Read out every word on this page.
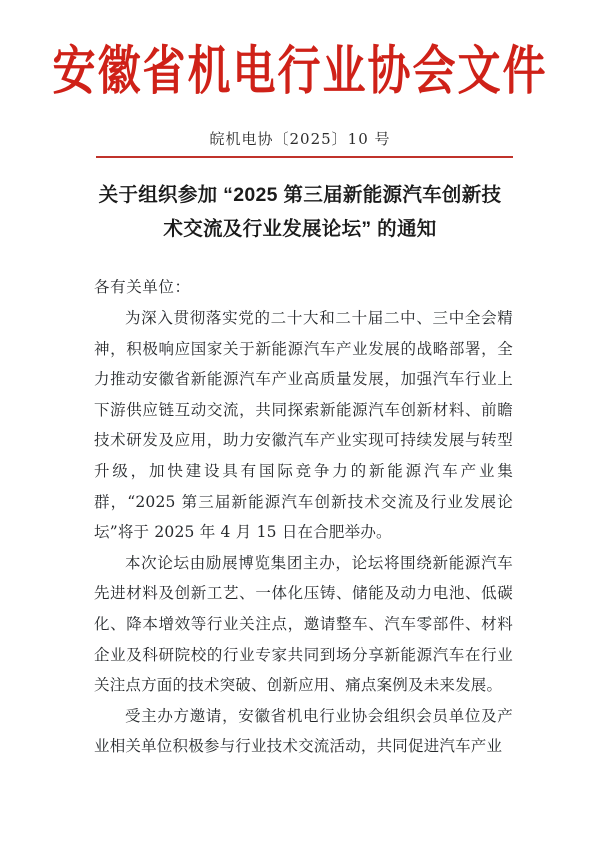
安徽省机电行业协会文件
皖机电协〔2025〕10 号
关于组织参加 “2025 第三届新能源汽车创新技
术交流及行业发展论坛” 的通知
各有关单位：

为深入贯彻落实党的二十大和二十届二中、三中全会精神，积极响应国家关于新能源汽车产业发展的战略部署，全力推动安徽省新能源汽车产业高质量发展，加强汽车行业上下游供应链互动交流，共同探索新能源汽车创新材料、前瞻技术研发及应用，助力安徽汽车产业实现可持续发展与转型升级，加快建设具有国际竞争力的新能源汽车产业集群，“2025 第三届新能源汽车创新技术交流及行业发展论坛”将于 2025 年 4 月 15 日在合肥举办。

本次论坛由励展博览集团主办，论坛将围绕新能源汽车先进材料及创新工艺、一体化压铸、储能及动力电池、低碳化、降本增效等行业关注点，邀请整车、汽车零部件、材料企业及科研院校的行业专家共同到场分享新能源汽车在行业关注点方面的技术突破、创新应用、痛点案例及未来发展。

受主办方邀请，安徽省机电行业协会组织会员单位及产业相关单位积极参与行业技术交流活动，共同促进汽车产业
